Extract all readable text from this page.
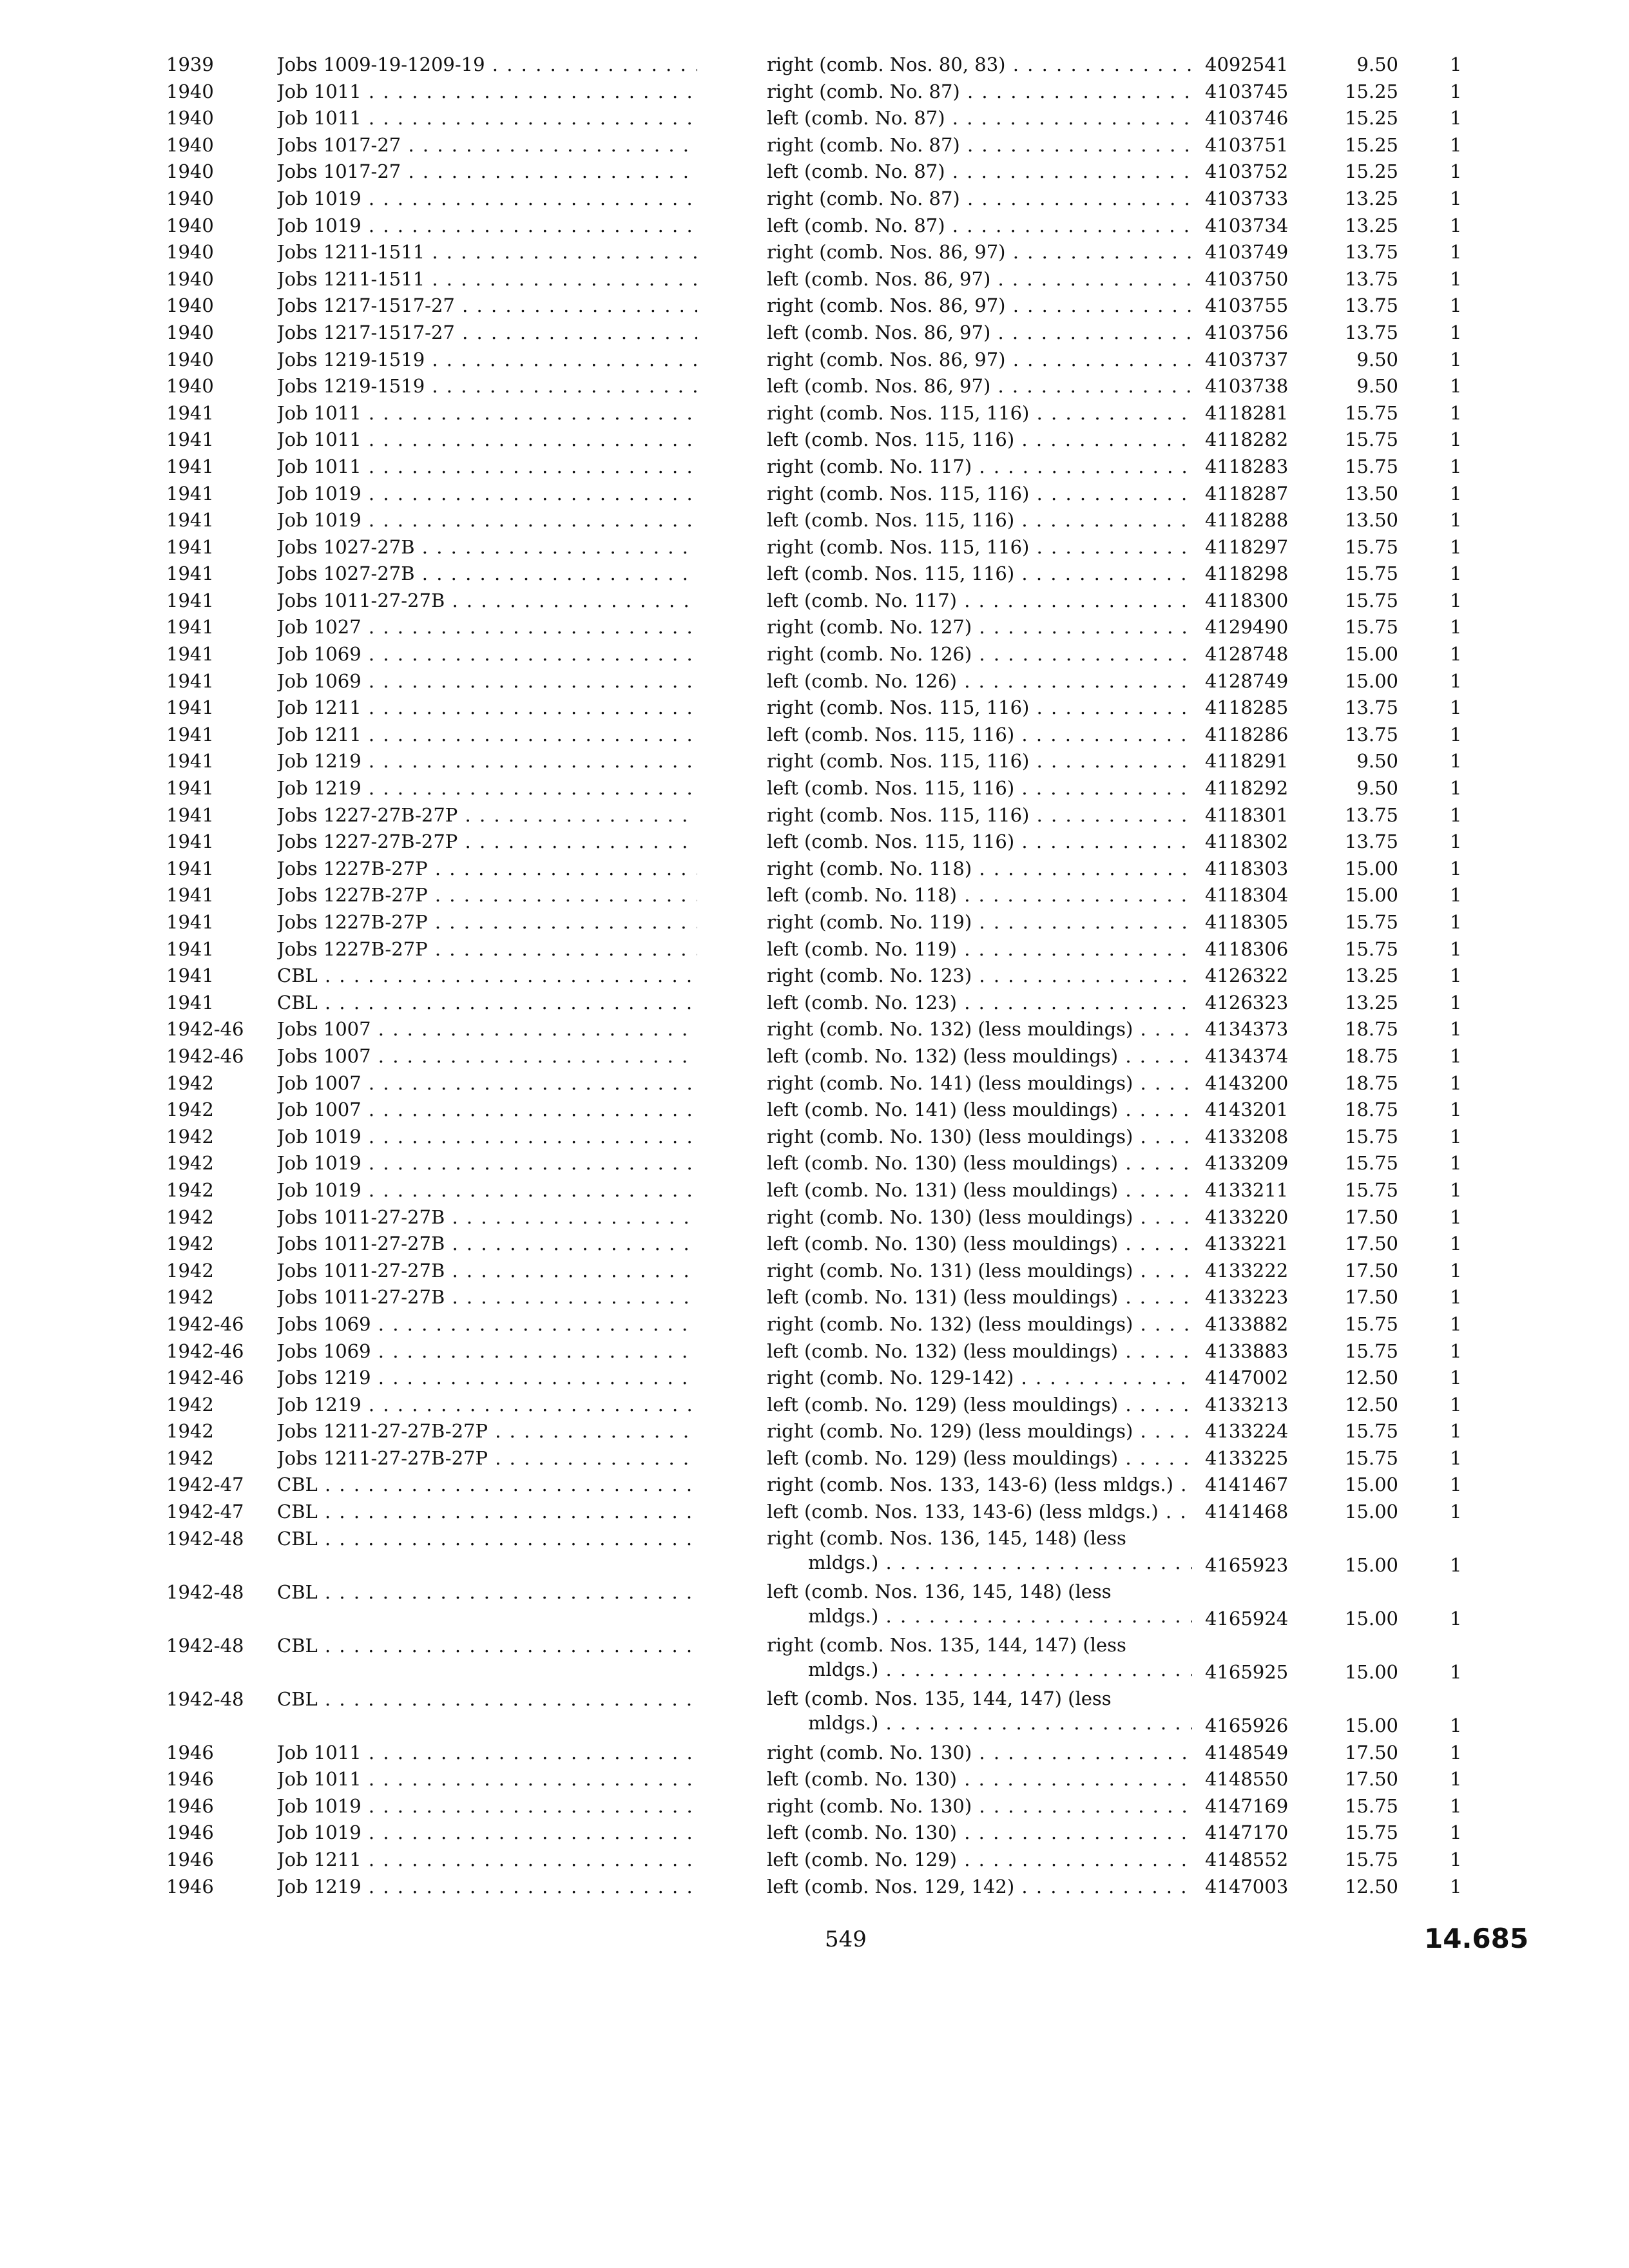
1939	Jobs 1009-19-1209-19 . . .	right (comb. Nos. 80, 83) . . .	4092541	9.50	1
1940	Job 1011 . . .	right (comb. No. 87) . . .	4103745	15.25	1
1940	Job 1011 . . .	left (comb. No. 87) . . .	4103746	15.25	1
1940	Jobs 1017-27 . . .	right (comb. No. 87) . . .	4103751	15.25	1
1940	Jobs 1017-27 . . .	left (comb. No. 87) . . .	4103752	15.25	1
1940	Job 1019 . . .	right (comb. No. 87) . . .	4103733	13.25	1
1940	Job 1019 . . .	left (comb. No. 87) . . .	4103734	13.25	1
1940	Jobs 1211-1511 . . .	right (comb. Nos. 86, 97) . . .	4103749	13.75	1
1940	Jobs 1211-1511 . . .	left (comb. Nos. 86, 97) . . .	4103750	13.75	1
1940	Jobs 1217-1517-27 . . .	right (comb. Nos. 86, 97) . . .	4103755	13.75	1
1940	Jobs 1217-1517-27 . . .	left (comb. Nos. 86, 97) . . .	4103756	13.75	1
1940	Jobs 1219-1519 . . .	right (comb. Nos. 86, 97) . . .	4103737	9.50	1
1940	Jobs 1219-1519 . . .	left (comb. Nos. 86, 97) . . .	4103738	9.50	1
1941	Job 1011 . . .	right (comb. Nos. 115, 116) . . .	4118281	15.75	1
1941	Job 1011 . . .	left (comb. Nos. 115, 116) . . .	4118282	15.75	1
1941	Job 1011 . . .	right (comb. No. 117) . . .	4118283	15.75	1
1941	Job 1019 . . .	right (comb. Nos. 115, 116) . . .	4118287	13.50	1
1941	Job 1019 . . .	left (comb. Nos. 115, 116) . . .	4118288	13.50	1
1941	Jobs 1027-27B . . .	right (comb. Nos. 115, 116) . . .	4118297	15.75	1
1941	Jobs 1027-27B . . .	left (comb. Nos. 115, 116) . . .	4118298	15.75	1
1941	Jobs 1011-27-27B . . .	left (comb. No. 117) . . .	4118300	15.75	1
1941	Job 1027 . . .	right (comb. No. 127) . . .	4129490	15.75	1
1941	Job 1069 . . .	right (comb. No. 126) . . .	4128748	15.00	1
1941	Job 1069 . . .	left (comb. No. 126) . . .	4128749	15.00	1
1941	Job 1211 . . .	right (comb. Nos. 115, 116) . . .	4118285	13.75	1
1941	Job 1211 . . .	left (comb. Nos. 115, 116) . . .	4118286	13.75	1
1941	Job 1219 . . .	right (comb. Nos. 115, 116) . . .	4118291	9.50	1
1941	Job 1219 . . .	left (comb. Nos. 115, 116) . . .	4118292	9.50	1
1941	Jobs 1227-27B-27P . . .	right (comb. Nos. 115, 116) . . .	4118301	13.75	1
1941	Jobs 1227-27B-27P . . .	left (comb. Nos. 115, 116) . . .	4118302	13.75	1
1941	Jobs 1227B-27P . . .	right (comb. No. 118) . . .	4118303	15.00	1
1941	Jobs 1227B-27P . . .	left (comb. No. 118) . . .	4118304	15.00	1
1941	Jobs 1227B-27P . . .	right (comb. No. 119) . . .	4118305	15.75	1
1941	Jobs 1227B-27P . . .	left (comb. No. 119) . . .	4118306	15.75	1
1941	CBL . . .	right (comb. No. 123) . . .	4126322	13.25	1
1941	CBL . . .	left (comb. No. 123) . . .	4126323	13.25	1
1942-46	Jobs 1007 . . .	right (comb. No. 132) (less mouldings) . . .	4134373	18.75	1
1942-46	Jobs 1007 . . .	left (comb. No. 132) (less mouldings) . . .	4134374	18.75	1
1942	Job 1007 . . .	right (comb. No. 141) (less mouldings) . . .	4143200	18.75	1
1942	Job 1007 . . .	left (comb. No. 141) (less mouldings) . . .	4143201	18.75	1
1942	Job 1019 . . .	right (comb. No. 130) (less mouldings) . . .	4133208	15.75	1
1942	Job 1019 . . .	left (comb. No. 130) (less mouldings) . . .	4133209	15.75	1
1942	Job 1019 . . .	left (comb. No. 131) (less mouldings) . . .	4133211	15.75	1
1942	Jobs 1011-27-27B . . .	right (comb. No. 130) (less mouldings) . . .	4133220	17.50	1
1942	Jobs 1011-27-27B . . .	left (comb. No. 130) (less mouldings) . . .	4133221	17.50	1
1942	Jobs 1011-27-27B . . .	right (comb. No. 131) (less mouldings) . . .	4133222	17.50	1
1942	Jobs 1011-27-27B . . .	left (comb. No. 131) (less mouldings) . . .	4133223	17.50	1
1942-46	Jobs 1069 . . .	right (comb. No. 132) (less mouldings) . . .	4133882	15.75	1
1942-46	Jobs 1069 . . .	left (comb. No. 132) (less mouldings) . . .	4133883	15.75	1
1942-46	Jobs 1219 . . .	right (comb. No. 129-142) . . .	4147002	12.50	1
1942	Job 1219 . . .	left (comb. No. 129) (less mouldings) . . .	4133213	12.50	1
1942	Jobs 1211-27-27B-27P . . .	right (comb. No. 129) (less mouldings) . . .	4133224	15.75	1
1942	Jobs 1211-27-27B-27P . . .	left (comb. No. 129) (less mouldings) . . .	4133225	15.75	1
1942-47	CBL . . .	right (comb. Nos. 133, 143-6) (less mldgs.) . . .	4141467	15.00	1
1942-47	CBL . . .	left (comb. Nos. 133, 143-6) (less mldgs.) . . .	4141468	15.00	1
1942-48	CBL . . .	right (comb. Nos. 136, 145, 148) (less
mldgs.) . . .	4165923	15.00	1
1942-48	CBL . . .	left (comb. Nos. 136, 145, 148) (less
mldgs.) . . .	4165924	15.00	1
1942-48	CBL . . .	right (comb. Nos. 135, 144, 147) (less
mldgs.) . . .	4165925	15.00	1
1942-48	CBL . . .	left (comb. Nos. 135, 144, 147) (less
mldgs.) . . .	4165926	15.00	1
1946	Job 1011 . . .	right (comb. No. 130) . . .	4148549	17.50	1
1946	Job 1011 . . .	left (comb. No. 130) . . .	4148550	17.50	1
1946	Job 1019 . . .	right (comb. No. 130) . . .	4147169	15.75	1
1946	Job 1019 . . .	left (comb. No. 130) . . .	4147170	15.75	1
1946	Job 1211 . . .	left (comb. No. 129) . . .	4148552	15.75	1
1946	Job 1219 . . .	left (comb. Nos. 129, 142) . . .	4147003	12.50	1
549	14.685
